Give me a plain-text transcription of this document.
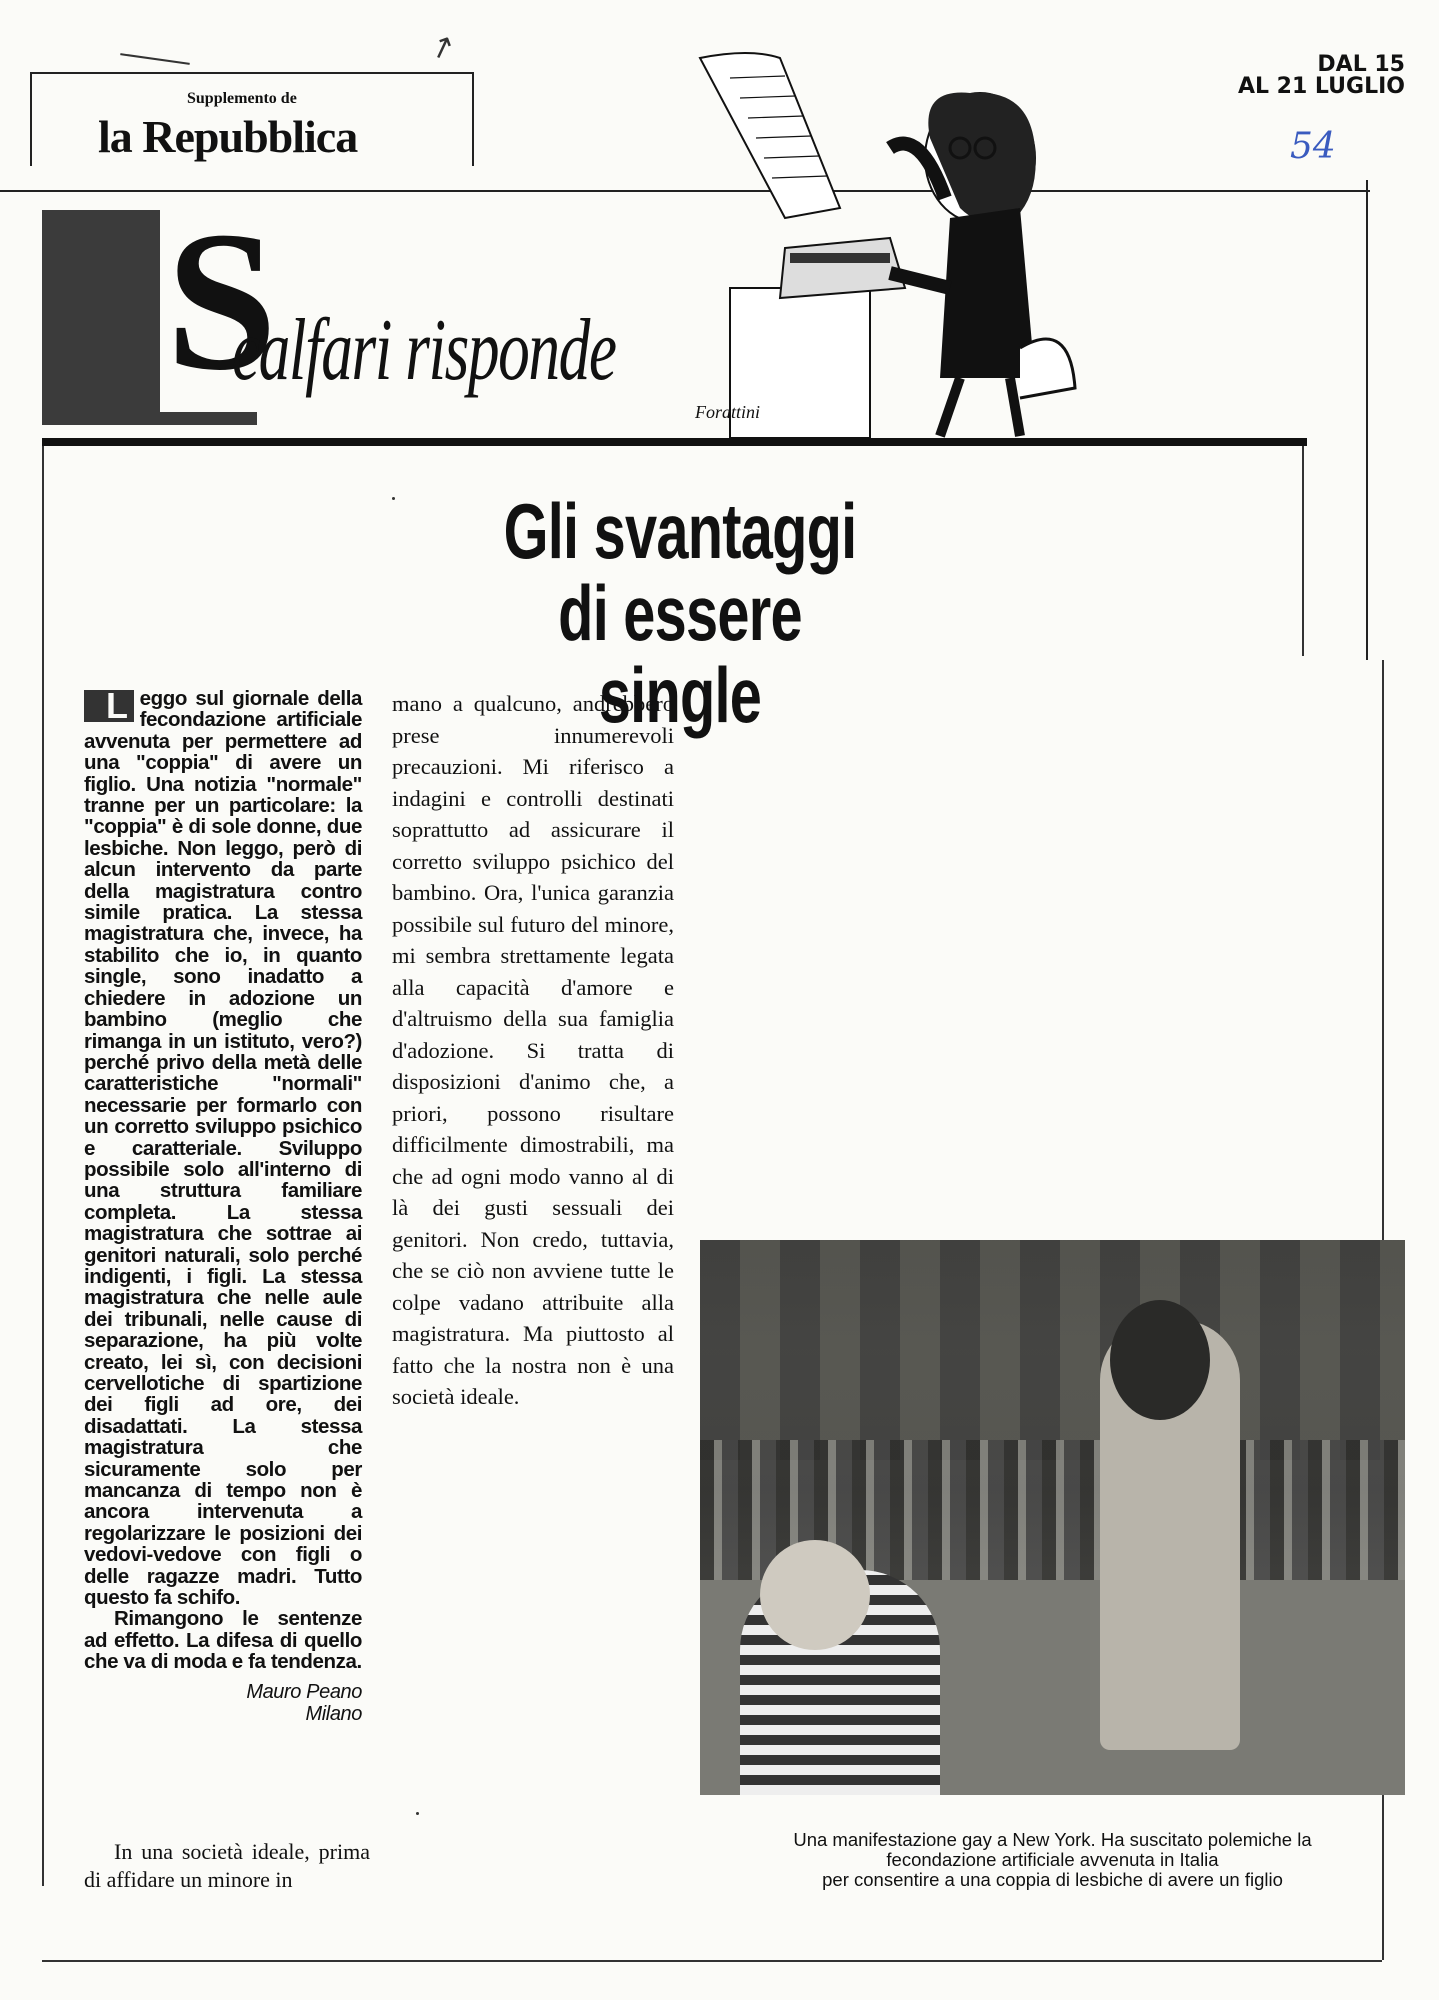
↗
Supplemento de
la Repubblica
DAL 15
AL 21 LUGLIO
54
S
calfari risponde
Forattini
Gli svantaggi
di essere single

L eggo sul giornale della fecondazione artificiale avvenuta per permettere ad una "coppia" di avere un figlio. Una notizia "normale" tranne per un particolare: la "coppia" è di sole donne, due lesbiche. Non leggo, però di alcun intervento da parte della magistratura contro simile pratica. La stessa magistratura che, invece, ha stabilito che io, in quanto single, sono inadatto a chiedere in adozione un bambino (meglio che rimanga in un istituto, vero?) perché privo della metà delle caratteristiche "normali" necessarie per formarlo con un corretto sviluppo psichico e caratteriale. Sviluppo possibile solo all'interno di una struttura familiare completa. La stessa magistratura che sottrae ai genitori naturali, solo perché indigenti, i figli. La stessa magistratura che nelle aule dei tribunali, nelle cause di separazione, ha più volte creato, lei sì, con decisioni cervellotiche di spartizione dei figli ad ore, dei disadattati. La stessa magistratura che sicuramente solo per mancanza di tempo non è ancora intervenuta a regolarizzare le posizioni dei vedovi-vedove con figli o delle ragazze madri. Tutto questo fa schifo.

Rimangono le sentenze ad effetto. La difesa di quello che va di moda e fa tendenza.

Mauro Peano
Milano
In una società ideale, prima di affidare un minore in
mano a qualcuno, andrebbero prese innumerevoli precauzioni. Mi riferisco a indagini e controlli destinati soprattutto ad assicurare il corretto sviluppo psichico del bambino. Ora, l'unica garanzia possibile sul futuro del minore, mi sembra strettamente legata alla capacità d'amore e d'altruismo della sua famiglia d'adozione. Si tratta di disposizioni d'animo che, a priori, possono risultare difficilmente dimostrabili, ma che ad ogni modo vanno al di là dei gusti sessuali dei genitori. Non credo, tuttavia, che se ciò non avviene tutte le colpe vadano attribuite alla magistratura. Ma piuttosto al fatto che la nostra non è una società ideale.
Una manifestazione gay a New York. Ha suscitato polemiche la
fecondazione artificiale avvenuta in Italia
per consentire a una coppia di lesbiche di avere un figlio
